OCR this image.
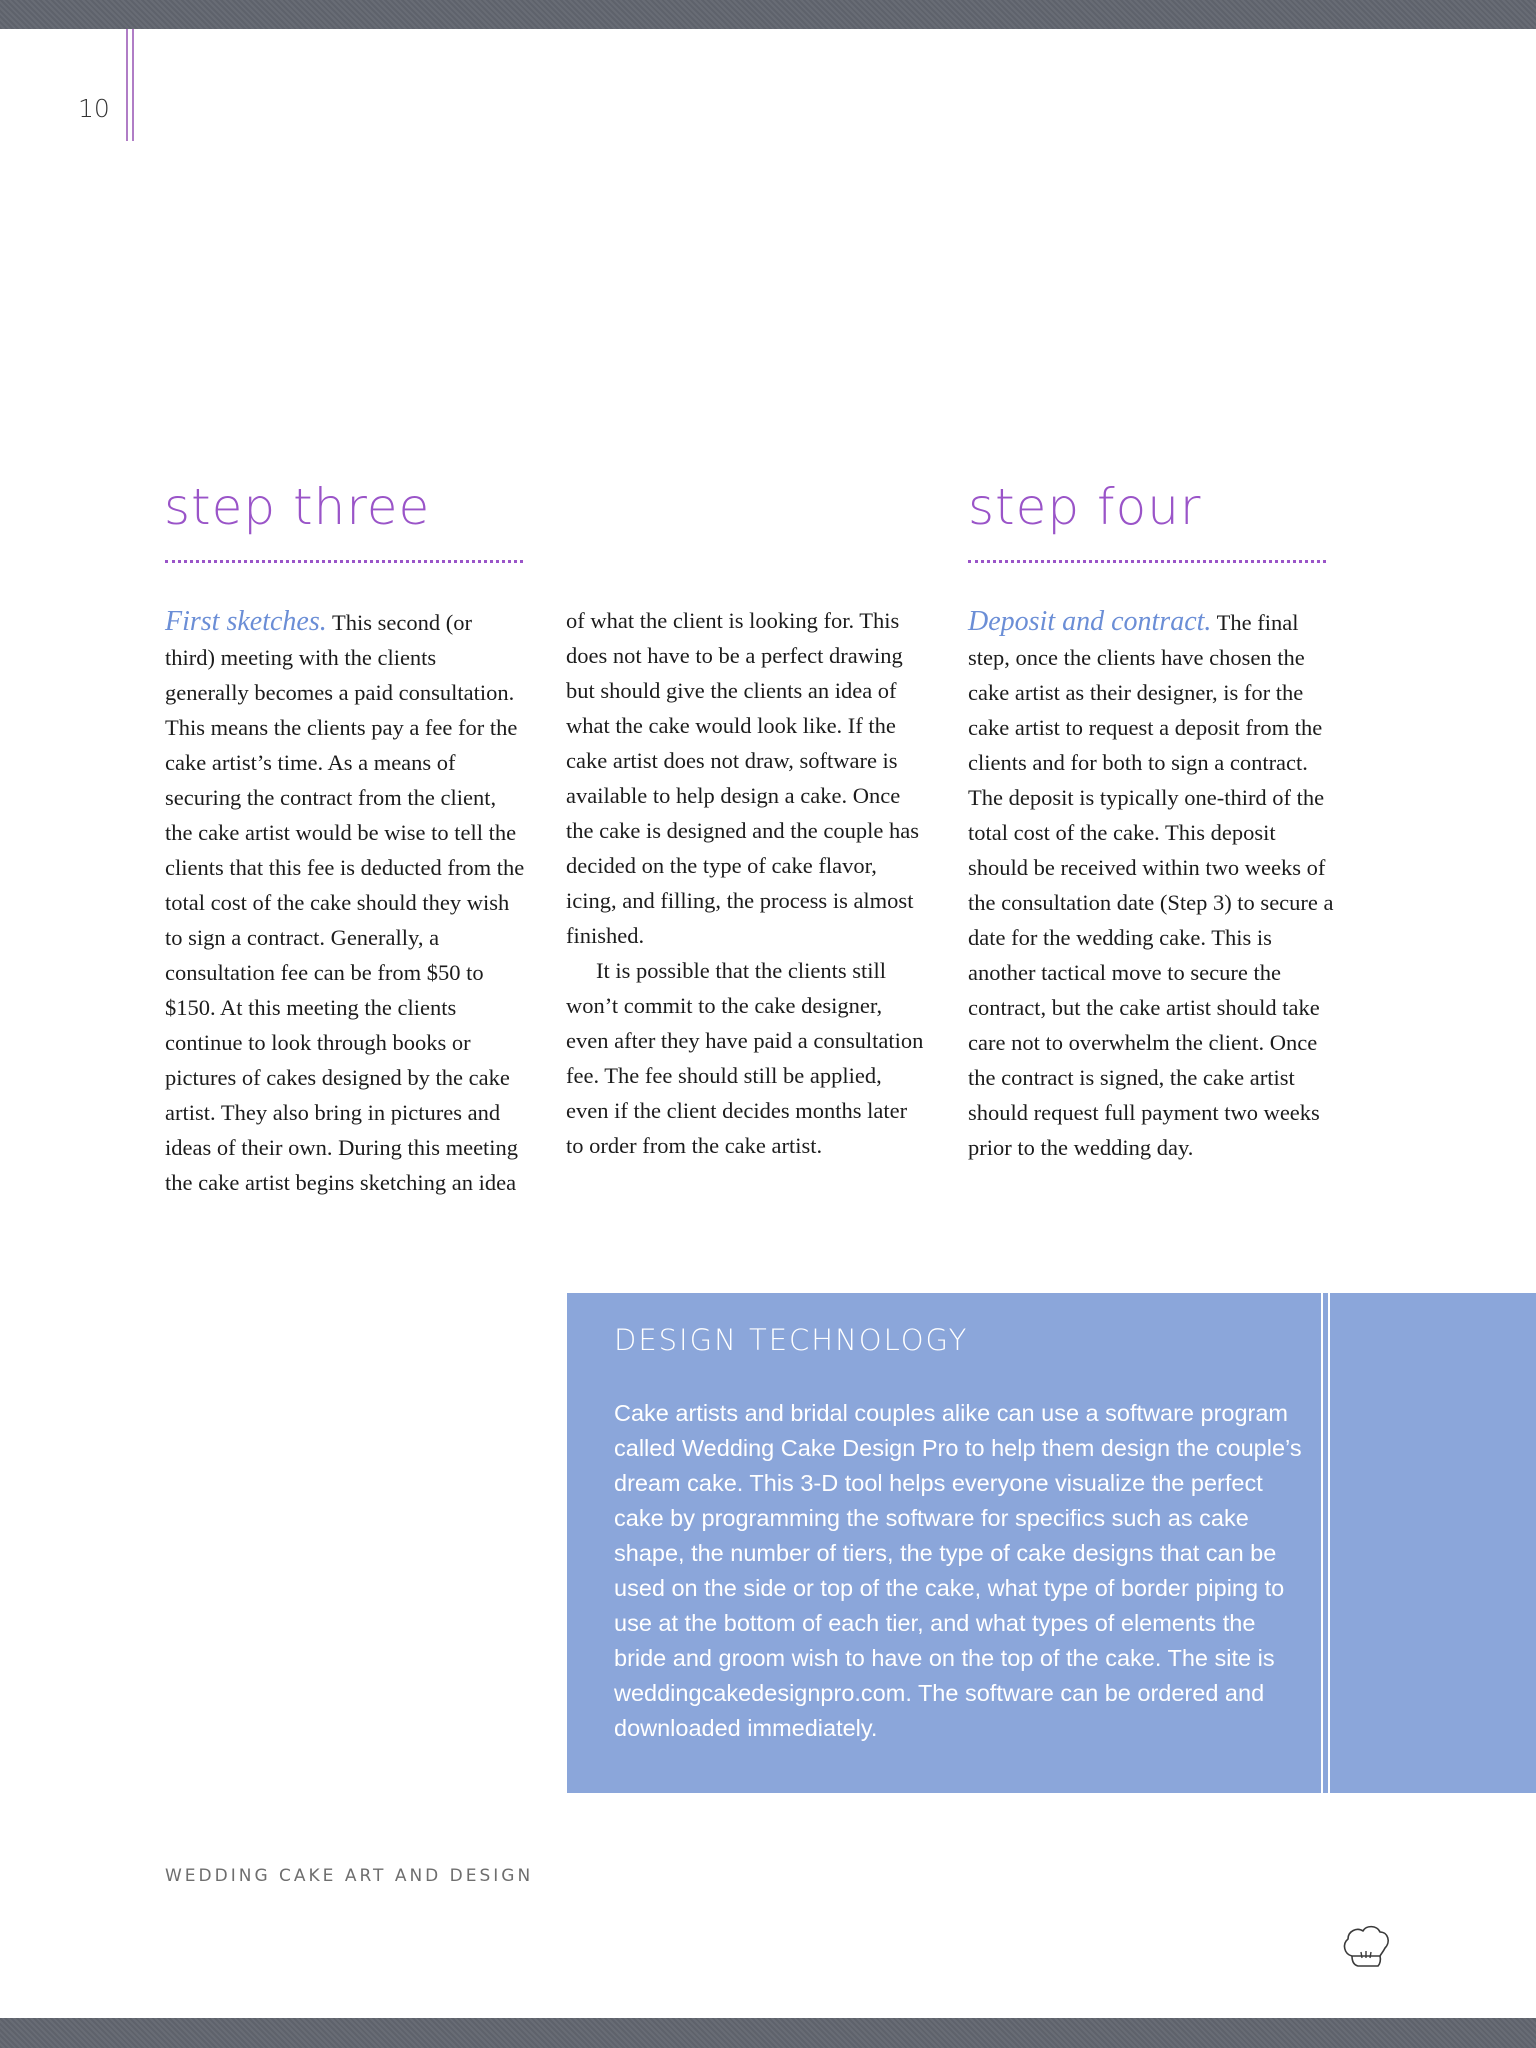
10
step three	step four

First sketches. This second (or third) meeting with the clients generally becomes a paid consultation. This means the clients pay a fee for the cake artist’s time. As a means of securing the contract from the client, the cake artist would be wise to tell the clients that this fee is deducted from the total cost of the cake should they wish to sign a contract. Generally, a consultation fee can be from $50 to $150. At this meeting the clients continue to look through books or pictures of cakes designed by the cake artist. They also bring in pictures and ideas of their own. During this meeting the cake artist begins sketching an idea

of what the client is looking for. This does not have to be a perfect drawing but should give the clients an idea of what the cake would look like. If the cake artist does not draw, software is available to help design a cake. Once the cake is designed and the couple has decided on the type of cake flavor, icing, and filling, the process is almost finished.

It is possible that the clients still won’t commit to the cake designer, even after they have paid a consultation fee. The fee should still be applied, even if the client decides months later to order from the cake artist.

Deposit and contract. The final step, once the clients have chosen the cake artist as their designer, is for the cake artist to request a deposit from the clients and for both to sign a contract. The deposit is typically one-third of the total cost of the cake. This deposit should be received within two weeks of the consultation date (Step 3) to secure a date for the wedding cake. This is another tactical move to secure the contract, but the cake artist should take care not to overwhelm the client. Once the contract is signed, the cake artist should request full payment two weeks prior to the wedding day.

DESIGN TECHNOLOGY

Cake artists and bridal couples alike can use a software program called Wedding Cake Design Pro to help them design the couple’s dream cake. This 3-D tool helps everyone visualize the perfect cake by programming the software for specifics such as cake shape, the number of tiers, the type of cake designs that can be used on the side or top of the cake, what type of border piping to use at the bottom of each tier, and what types of elements the bride and groom wish to have on the top of the cake. The site is weddingcakedesignpro.com. The software can be ordered and downloaded immediately.

WEDDING CAKE ART AND DESIGN
